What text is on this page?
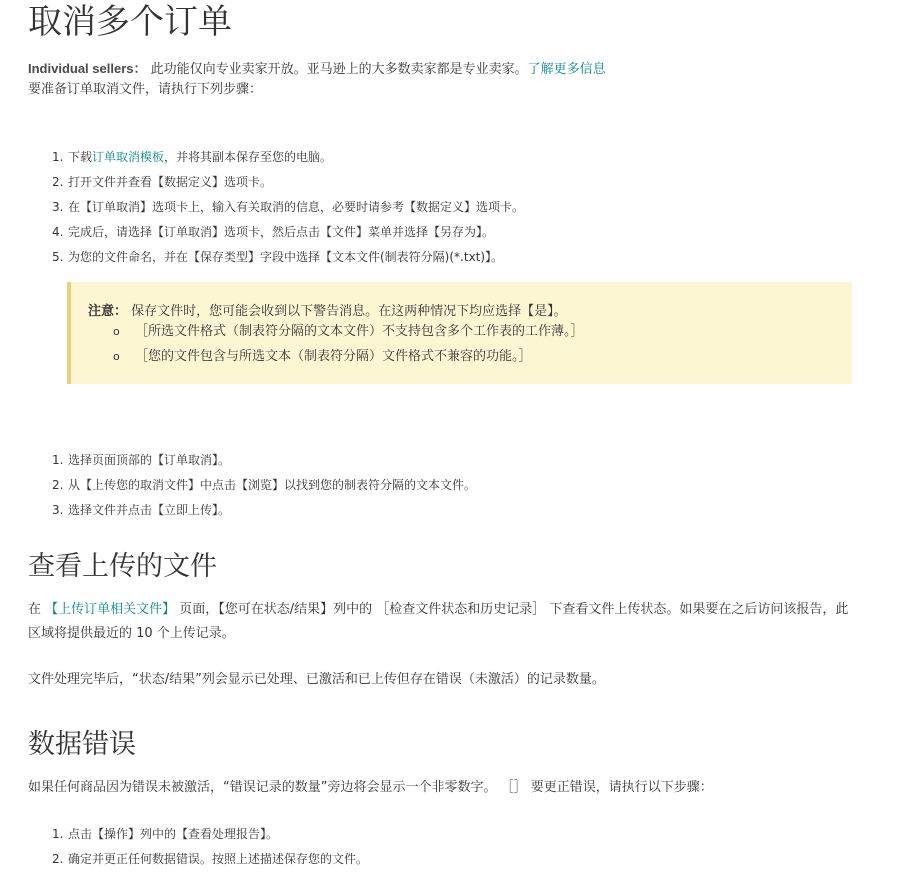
取消多个订单
Individual sellers： 此功能仅向专业卖家开放。亚马逊上的大多数卖家都是专业卖家。了解更多信息
要准备订单取消文件，请执行下列步骤：
1. 下载订单取消模板，并将其副本保存至您的电脑。
2. 打开文件并查看【数据定义】选项卡。
3. 在【订单取消】选项卡上，输入有关取消的信息，必要时请参考【数据定义】选项卡。
4. 完成后，请选择【订单取消】选项卡，然后点击【文件】菜单并选择【另存为】。
5. 为您的文件命名，并在【保存类型】字段中选择【文本文件(制表符分隔)(*.txt)】。
注意： 保存文件时，您可能会收到以下警告消息。在这两种情况下均应选择【是】。
o ［所选文件格式（制表符分隔的文本文件）不支持包含多个工作表的工作薄。］
o ［您的文件包含与所选文本（制表符分隔）文件格式不兼容的功能。］
1. 选择页面顶部的【订单取消】。
2. 从【上传您的取消文件】中点击【浏览】以找到您的制表符分隔的文本文件。
3. 选择文件并点击【立即上传】。
查看上传的文件
在 【上传订单相关文件】 页面，【您可在状态/结果】列中的 ［检查文件状态和历史记录］ 下查看文件上传状态。如果要在之后访问该报告，此区域将提供最近的 10 个上传记录。
文件处理完毕后，“状态/结果”列会显示已处理、已激活和已上传但存在错误（未激活）的记录数量。
数据错误
如果任何商品因为错误未被激活，“错误记录的数量”旁边将会显示一个非零数字。 ［］ 要更正错误，请执行以下步骤：
1. 点击【操作】列中的【查看处理报告】。
2. 确定并更正任何数据错误。按照上述描述保存您的文件。
